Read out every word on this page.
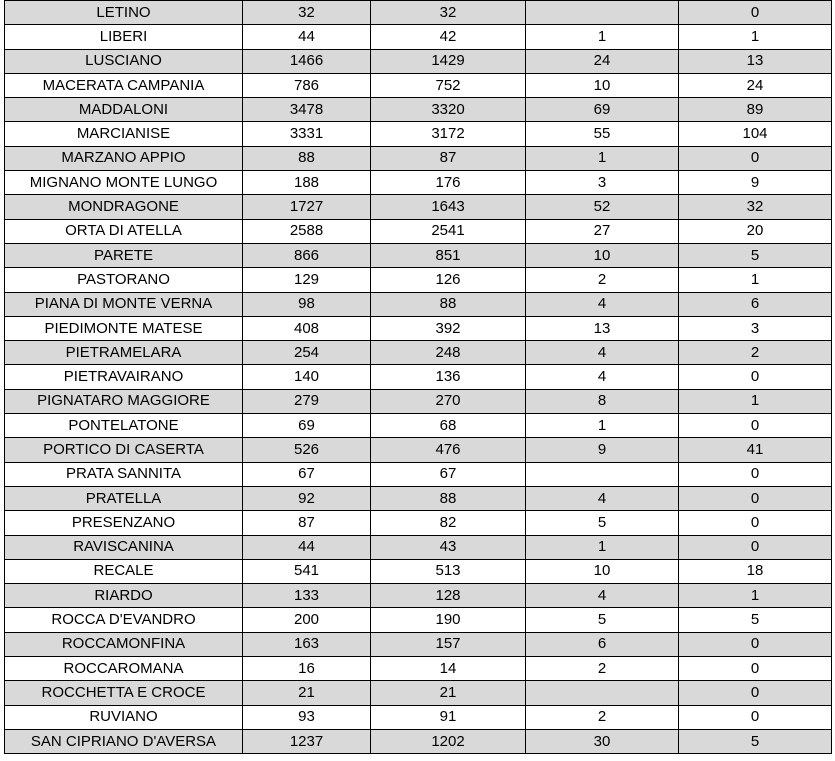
LETINO	32	32		0
LIBERI	44	42	1	1
LUSCIANO	1466	1429	24	13
MACERATA CAMPANIA	786	752	10	24
MADDALONI	3478	3320	69	89
MARCIANISE	3331	3172	55	104
MARZANO APPIO	88	87	1	0
MIGNANO MONTE LUNGO	188	176	3	9
MONDRAGONE	1727	1643	52	32
ORTA DI ATELLA	2588	2541	27	20
PARETE	866	851	10	5
PASTORANO	129	126	2	1
PIANA DI MONTE VERNA	98	88	4	6
PIEDIMONTE MATESE	408	392	13	3
PIETRAMELARA	254	248	4	2
PIETRAVAIRANO	140	136	4	0
PIGNATARO MAGGIORE	279	270	8	1
PONTELATONE	69	68	1	0
PORTICO DI CASERTA	526	476	9	41
PRATA SANNITA	67	67		0
PRATELLA	92	88	4	0
PRESENZANO	87	82	5	0
RAVISCANINA	44	43	1	0
RECALE	541	513	10	18
RIARDO	133	128	4	1
ROCCA D'EVANDRO	200	190	5	5
ROCCAMONFINA	163	157	6	0
ROCCAROMANA	16	14	2	0
ROCCHETTA E CROCE	21	21		0
RUVIANO	93	91	2	0
SAN CIPRIANO D'AVERSA	1237	1202	30	5
